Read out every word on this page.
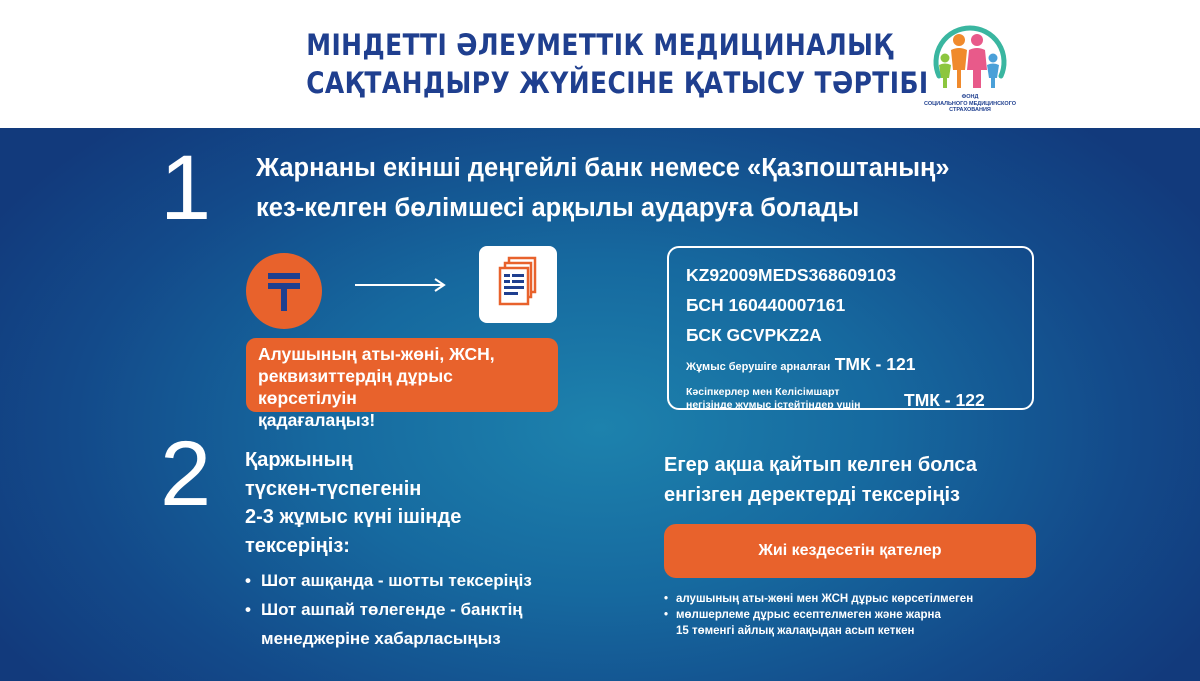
МІНДЕТТІ ӘЛЕУМЕТТІК МЕДИЦИНАЛЫҚ
САҚТАНДЫРУ ЖҮЙЕСІНЕ ҚАТЫСУ ТӘРТІБІ	ФОНД
СОЦИАЛЬНОГО МЕДИЦИНСКОГО
СТРАХОВАНИЯ
1 Жарнаны екінші деңгейлі банк немесе «Қазпоштаның»
кез-келген бөлімшесі арқылы аударуға болады
Алушының аты-жөні, ЖСН,
реквизиттердің дұрыс көрсетілуін
қадағалаңыз!
KZ92009MEDS368609103
БСН 160440007161
БСК GCVPKZ2A
Жұмыс берушіге арналған ТМК - 121
Кәсіпкерлер мен Келісімшарт
негізінде жұмыс істейтіндер үшін ТМК - 122
2 Қаржының
түскен-түспегенін
2-3 жұмыс күні ішінде
тексеріңіз:
• Шот ашқанда - шотты тексеріңіз
• Шот ашпай төлегенде - банктің
менеджеріне хабарласыңыз
Егер ақша қайтып келген болса
енгізген деректерді тексеріңіз
Жиі кездесетін қателер
• алушының аты-жөні мен ЖСН дұрыс көрсетілмеген
• мөлшерлеме дұрыс есептелмеген және жарна
15 төменгі айлық жалақыдан асып кеткен
